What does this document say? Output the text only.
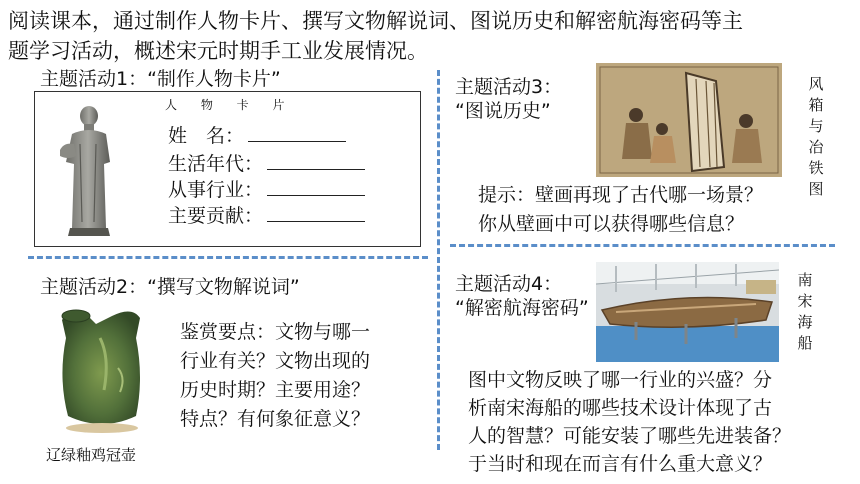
阅读课本，通过制作人物卡片、撰写文物解说词、图说历史和解密航海密码等主
题学习活动，概述宋元时期手工业发展情况。
主题活动1：“制作人物卡片”
人 物 卡 片
姓　名：
生活年代：
从事行业：
主要贡献：
主题活动2：“撰写文物解说词”
辽绿釉鸡冠壶
鉴赏要点：文物与哪一
行业有关？文物出现的
历史时期？主要用途？
特点？有何象征意义？
主题活动3：
“图说历史”
风
箱
与
冶
铁
图
提示：壁画再现了古代哪一场景？
你从壁画中可以获得哪些信息？
主题活动4：
“解密航海密码”
南
宋
海
船
图中文物反映了哪一行业的兴盛？分
析南宋海船的哪些技术设计体现了古
人的智慧？可能安装了哪些先进装备？
于当时和现在而言有什么重大意义？
